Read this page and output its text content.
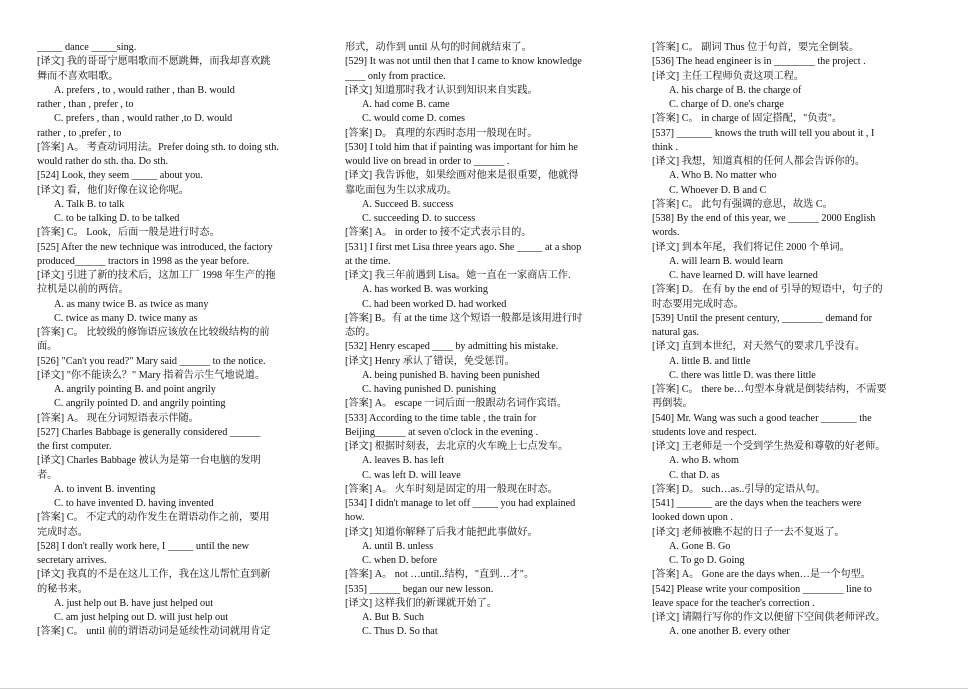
_____ dance _____sing.
[译文] 我的哥哥宁愿唱歌而不愿跳舞，而我却喜欢跳
舞而不喜欢唱歌。
A. prefers , to , would rather , than B. would
rather , than , prefer , to
C. prefers , than , would rather ,to D. would
rather , to ,prefer , to
[答案] A。 考查动词用法。Prefer doing sth. to doing sth.
would rather do sth. tha. Do sth.
[524] Look, they seem _____ about you.
[译文] 看，他们好像在议论你呢。
A. Talk B. to talk
C. to be talking D. to be talked
[答案] C。 Look，后面一般是进行时态。
[525] After the new technique was introduced, the factory
produced______ tractors in 1998 as the year before.
[译文] 引进了新的技术后，这加工厂 1998 年生产的拖
拉机是以前的两倍。
A. as many twice B. as twice as many
C. twice as many D. twice many as
[答案] C。 比较级的修饰语应该放在比较级结构的前
面。
[526] "Can't you read?" Mary said ______ to the notice.
[译文] "你不能读么？" Mary 指着告示生气地说道。
A. angrily pointing B. and point angrily
C. angrily pointed D. and angrily pointing
[答案] A。 现在分词短语表示伴随。
[527] Charles Babbage is generally considered ______
the first computer.
[译文] Charles Babbage 被认为是第一台电脑的发明
者。
A. to invent B. inventing
C. to have invented D. having invented
[答案] C。 不定式的动作发生在谓语动作之前，要用
完成时态。
[528] I don't really work here, I _____ until the new
secretary arrives.
[译文] 我真的不是在这儿工作，我在这儿帮忙直到新
的秘书来。
A. just help out B. have just helped out
C. am just helping out D. will just help out
[答案] C。 until 前的谓语动词是延续性动词就用肯定
形式，动作到 until 从句的时间就结束了。
[529] It was not until then that I came to know knowledge
____ only from practice.
[译文] 知道那时我才认识到知识来自实践。
A. had come B. came
C. would come D. comes
[答案] D。 真理的东西时态用一般现在时。
[530] I told him that if painting was important for him he
would live on bread in order to ______ .
[译文] 我告诉他，如果绘画对他来是很重要，他就得
靠吃面包为生以求成功。
A. Succeed B. success
C. succeeding D. to success
[答案] A。 in order to 接不定式表示目的。
[531] I first met Lisa three years ago. She _____ at a shop
at the time.
[译文] 我三年前遇到 Lisa。她一直在一家商店工作.
A. has worked B. was working
C. had been worked D. had worked
[答案] B。有 at the time 这个短语一般都是该用进行时
态的。
[532] Henry escaped ____ by admitting his mistake.
[译文] Henry 承认了错误，免受惩罚。
A. being punished B. having been punished
C. having punished D. punishing
[答案] A。 escape 一词后面一般跟动名词作宾语。
[533] According to the time table , the train for
Beijing______ at seven o'clock in the evening .
[译文] 根据时刻表，去北京的火车晚上七点发车。
A. leaves B. has left
C. was left D. will leave
[答案] A。 火车时刻是固定的用一般现在时态。
[534] I didn't manage to let off _____ you had explained
how.
[译文] 知道你解释了后我才能把此事做好。
A. until B. unless
C. when D. before
[答案] A。 not …until..结构，"直到…才"。
[535] ______ began our new lesson.
[译文] 这样我们的新课就开始了。
A. But B. Such
C. Thus D. So that
[答案] C。 副词 Thus 位于句首，要完全倒装。
[536] The head engineer is in ________ the project .
[译文] 主任工程师负责这项工程。
A. his charge of B. the charge of
C. charge of D. one's charge
[答案] C。 in charge of 固定搭配，"负责"。
[537] _______ knows the truth will tell you about it , I
think .
[译文] 我想，知道真相的任何人都会告诉你的。
A. Who B. No matter who
C. Whoever D. B and C
[答案] C。 此句有强调的意思，故选 C。
[538] By the end of this year, we ______ 2000 English
words.
[译文] 到本年尾，我们将记住 2000 个单词。
A. will learn B. would learn
C. have learned D. will have learned
[答案] D。 在有 by the end of 引导的短语中，句子的
时态要用完成时态。
[539] Until the present century, ________ demand for
natural gas.
[译文] 直到本世纪，对天然气的要求几乎没有。
A. little B. and little
C. there was little D. was there little
[答案] C。 there be…句型本身就是倒装结构，不需要
再倒装。
[540] Mr. Wang was such a good teacher _______ the
students love and respect.
[译文] 王老师是一个受到学生热爱和尊敬的好老师。
A. who B. whom
C. that D. as
[答案] D。 such…as..引导的定语从句。
[541] _______ are the days when the teachers were
looked down upon .
[译文] 老师被瞧不起的日子一去不复返了。
A. Gone B. Go
C. To go D. Going
[答案] A。 Gone are the days when…是一个句型。
[542] Please write your composition ________ line to
leave space for the teacher's correction .
[译文] 请隔行写你的作文以便留下空间供老师评改。
A. one another B. every other
